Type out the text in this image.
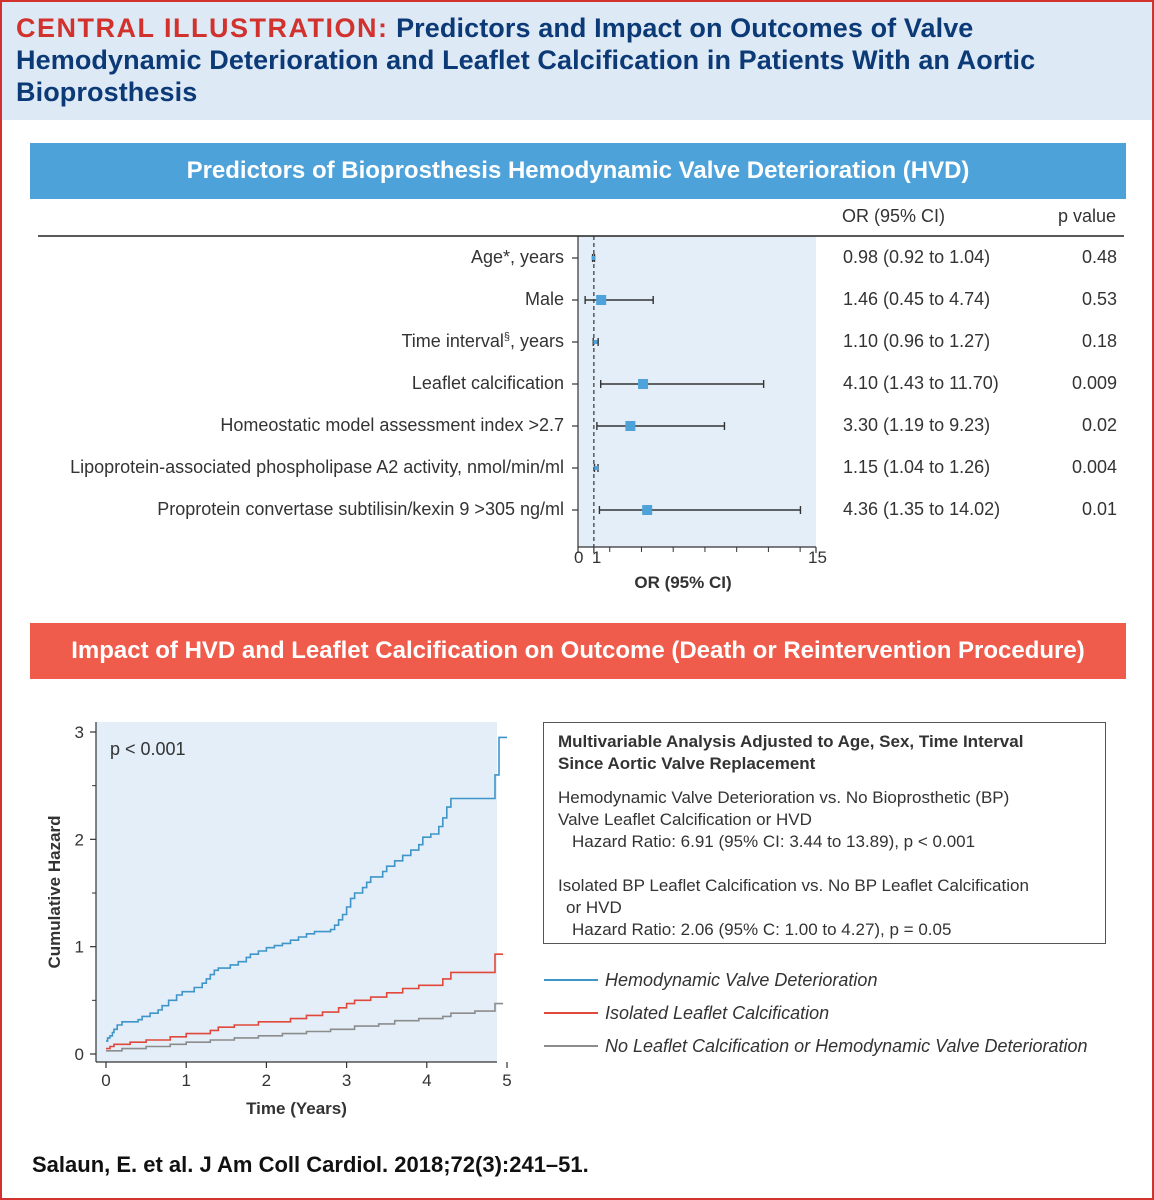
CENTRAL ILLUSTRATION: Predictors and Impact on Outcomes of Valve
Hemodynamic Deterioration and Leaflet Calcification in Patients With an Aortic
Bioprosthesis
Predictors of Bioprosthesis Hemodynamic Valve Deterioration (HVD)
OR (95% CI)	p value
Age*, years	0.98 (0.92 to 1.04)	0.48
Male	1.46 (0.45 to 4.74)	0.53
Time interval§, years	1.10 (0.96 to 1.27)	0.18
Leaflet calcification	4.10 (1.43 to 11.70)	0.009
Homeostatic model assessment index >2.7	3.30 (1.19 to 9.23)	0.02
Lipoprotein-associated phospholipase A2 activity, nmol/min/ml	1.15 (1.04 to 1.26)	0.004
Proprotein convertase subtilisin/kexin 9 >305 ng/ml	4.36 (1.35 to 14.02)	0.01
0 1	15
OR (95% CI)
Impact of HVD and Leaflet Calcification on Outcome (Death or Reintervention Procedure)
0
1
2
3
0	1	2	3	4	5
Time (Years)
Cumulative Hazard
p < 0.001	Multivariable Analysis Adjusted to Age, Sex, Time Interval
Since Aortic Valve Replacement
Hemodynamic Valve Deterioration vs. No Bioprosthetic (BP)
Valve Leaflet Calcification or HVD
Hazard Ratio: 6.91 (95% CI: 3.44 to 13.89), p < 0.001
Isolated BP Leaflet Calcification vs. No BP Leaflet Calcification
or HVD
Hazard Ratio: 2.06 (95% C: 1.00 to 4.27), p = 0.05
Hemodynamic Valve Deterioration
Isolated Leaflet Calcification
No Leaflet Calcification or Hemodynamic Valve Deterioration
Salaun, E. et al. J Am Coll Cardiol. 2018;72(3):241–51.
